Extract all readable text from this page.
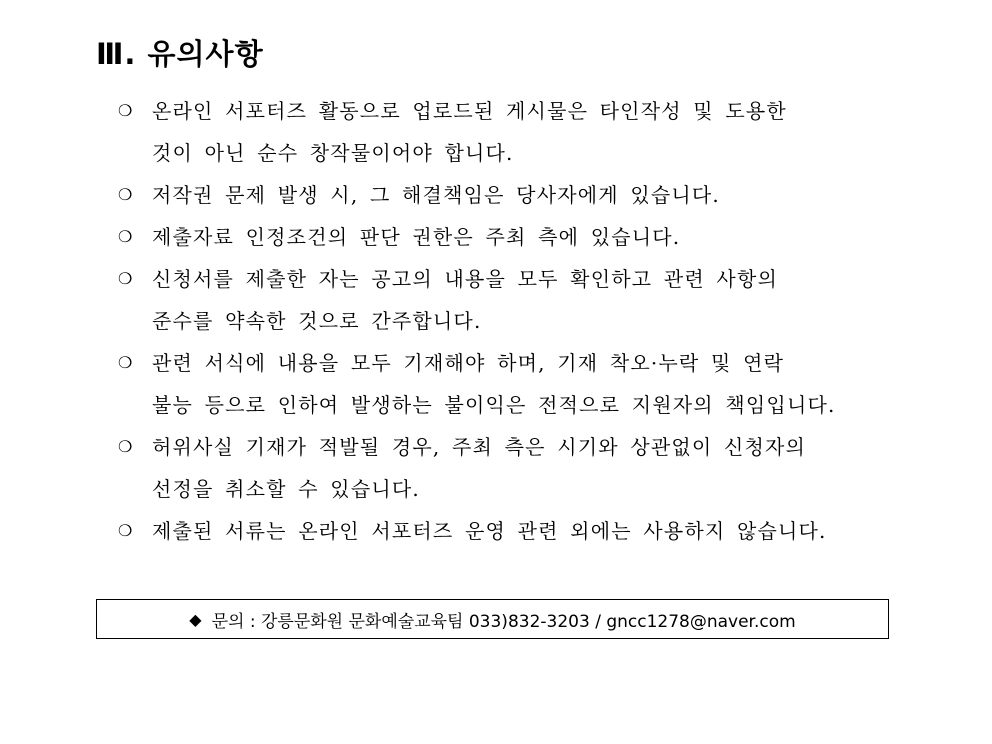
Ⅲ. 유의사항
❍ 온라인 서포터즈 활동으로 업로드된 게시물은 타인작성 및 도용한
것이 아닌 순수 창작물이어야 합니다.
❍ 저작권 문제 발생 시, 그 해결책임은 당사자에게 있습니다.
❍ 제출자료 인정조건의 판단 권한은 주최 측에 있습니다.
❍ 신청서를 제출한 자는 공고의 내용을 모두 확인하고 관련 사항의
준수를 약속한 것으로 간주합니다.
❍ 관련 서식에 내용을 모두 기재해야 하며, 기재 착오·누락 및 연락
불능 등으로 인하여 발생하는 불이익은 전적으로 지원자의 책임입니다.
❍ 허위사실 기재가 적발될 경우, 주최 측은 시기와 상관없이 신청자의
선정을 취소할 수 있습니다.
❍ 제출된 서류는 온라인 서포터즈 운영 관련 외에는 사용하지 않습니다.
◆ 문의 : 강릉문화원 문화예술교육팀 033)832-3203 / gncc1278@naver.com
